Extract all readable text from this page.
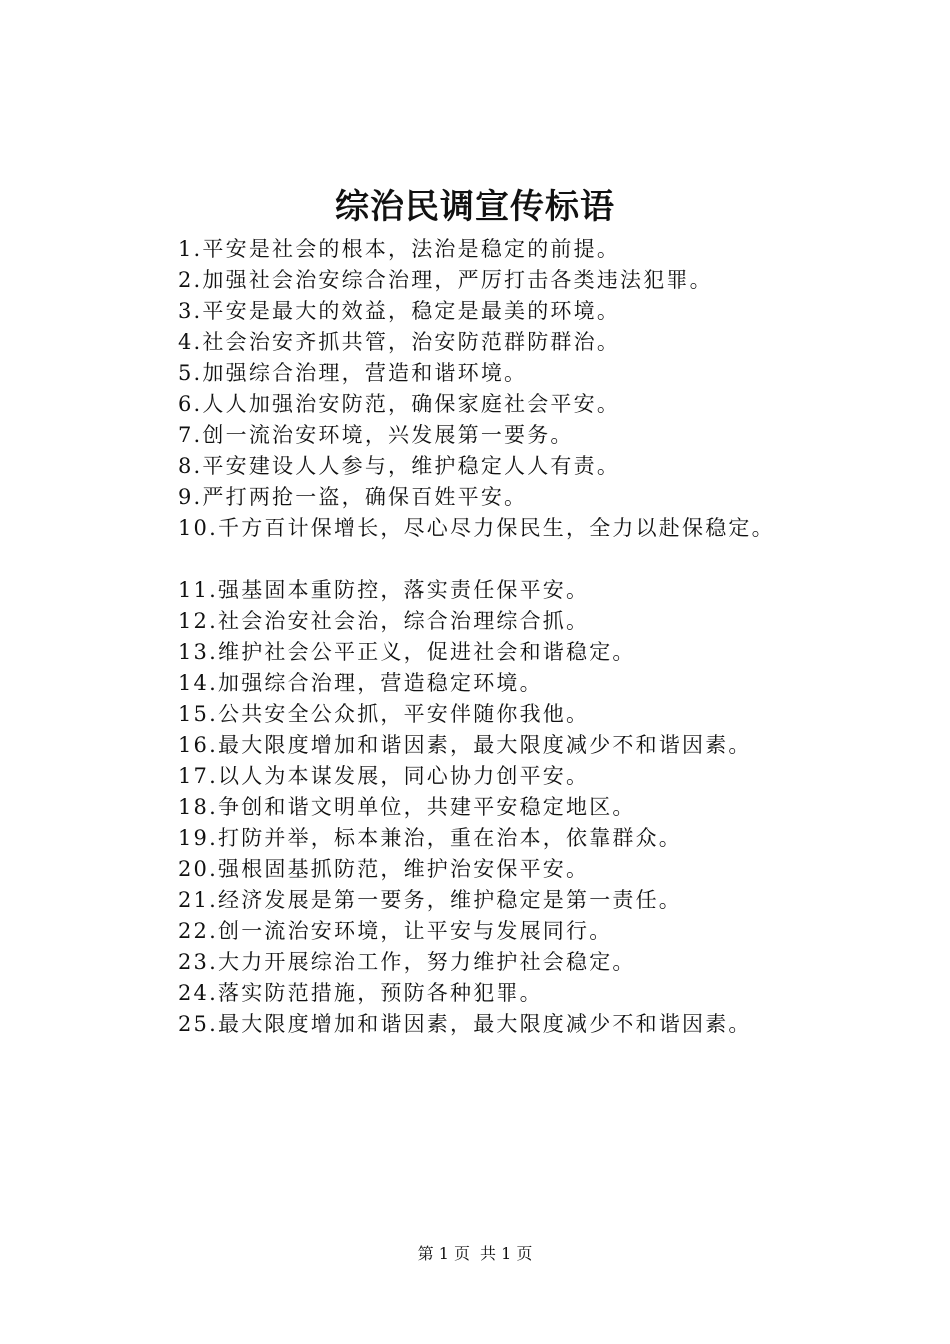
综治民调宣传标语
1.平安是社会的根本，法治是稳定的前提。
2.加强社会治安综合治理，严厉打击各类违法犯罪。
3.平安是最大的效益，稳定是最美的环境。
4.社会治安齐抓共管，治安防范群防群治。
5.加强综合治理，营造和谐环境。
6.人人加强治安防范，确保家庭社会平安。
7.创一流治安环境，兴发展第一要务。
8.平安建设人人参与，维护稳定人人有责。
9.严打两抢一盗，确保百姓平安。
10.千方百计保增长，尽心尽力保民生，全力以赴保稳定。
11.强基固本重防控，落实责任保平安。
12.社会治安社会治，综合治理综合抓。
13.维护社会公平正义，促进社会和谐稳定。
14.加强综合治理，营造稳定环境。
15.公共安全公众抓，平安伴随你我他。
16.最大限度增加和谐因素，最大限度减少不和谐因素。
17.以人为本谋发展，同心协力创平安。
18.争创和谐文明单位，共建平安稳定地区。
19.打防并举，标本兼治，重在治本，依靠群众。
20.强根固基抓防范，维护治安保平安。
21.经济发展是第一要务，维护稳定是第一责任。
22.创一流治安环境，让平安与发展同行。
23.大力开展综治工作，努力维护社会稳定。
24.落实防范措施，预防各种犯罪。
25.最大限度增加和谐因素，最大限度减少不和谐因素。
第 1 页 共 1 页
